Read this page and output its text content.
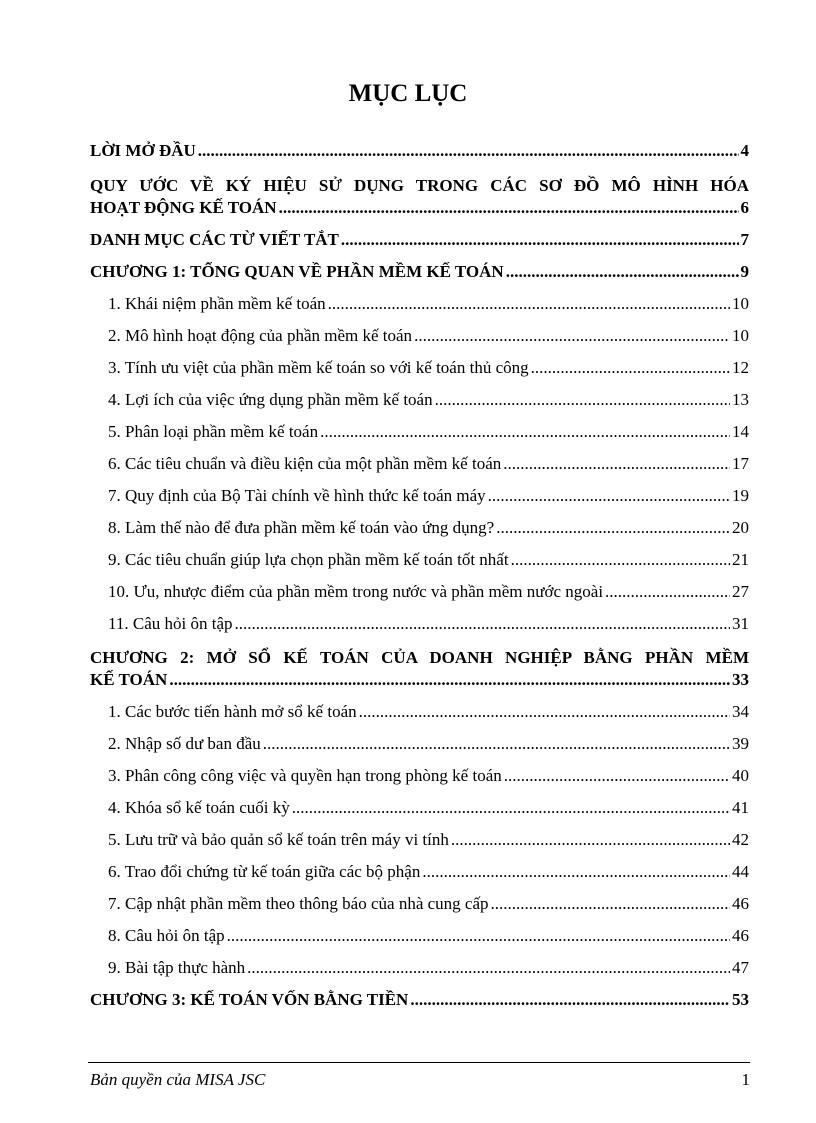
MỤC LỤC
LỜI MỞ ĐẦU .....	4
QUY ƯỚC VỀ KÝ HIỆU SỬ DỤNG TRONG CÁC SƠ ĐỒ MÔ HÌNH HÓA
HOẠT ĐỘNG KẾ TOÁN .....	6
DANH MỤC CÁC TỪ VIẾT TẮT .....	7
CHƯƠNG 1: TỔNG QUAN VỀ PHẦN MỀM KẾ TOÁN .....	9
1. Khái niệm phần mềm kế toán .....	10
2. Mô hình hoạt động của phần mềm kế toán .....	10
3. Tính ưu việt của phần mềm kế toán so với kế toán thủ công .....	12
4. Lợi ích của việc ứng dụng phần mềm kế toán .....	13
5. Phân loại phần mềm kế toán .....	14
6. Các tiêu chuẩn và điều kiện của một phần mềm kế toán .....	17
7. Quy định của Bộ Tài chính về hình thức kế toán máy .....	19
8. Làm thế nào để đưa phần mềm kế toán vào ứng dụng? .....	20
9. Các tiêu chuẩn giúp lựa chọn phần mềm kế toán tốt nhất .....	21
10. Ưu, nhược điểm của phần mềm trong nước và phần mềm nước ngoài .....	27
11. Câu hỏi ôn tập .....	31
CHƯƠNG 2: MỞ SỔ KẾ TOÁN CỦA DOANH NGHIỆP BẰNG PHẦN MỀM
KẾ TOÁN .....	33
1. Các bước tiến hành mở sổ kế toán .....	34
2. Nhập số dư ban đầu .....	39
3. Phân công công việc và quyền hạn trong phòng kế toán .....	40
4. Khóa sổ kế toán cuối kỳ .....	41
5. Lưu trữ và bảo quản sổ kế toán trên máy vi tính .....	42
6. Trao đổi chứng từ kế toán giữa các bộ phận .....	44
7. Cập nhật phần mềm theo thông báo của nhà cung cấp .....	46
8. Câu hỏi ôn tập .....	46
9. Bài tập thực hành .....	47
CHƯƠNG 3: KẾ TOÁN VỐN BẰNG TIỀN .....	53
Bản quyền của MISA JSC	1
